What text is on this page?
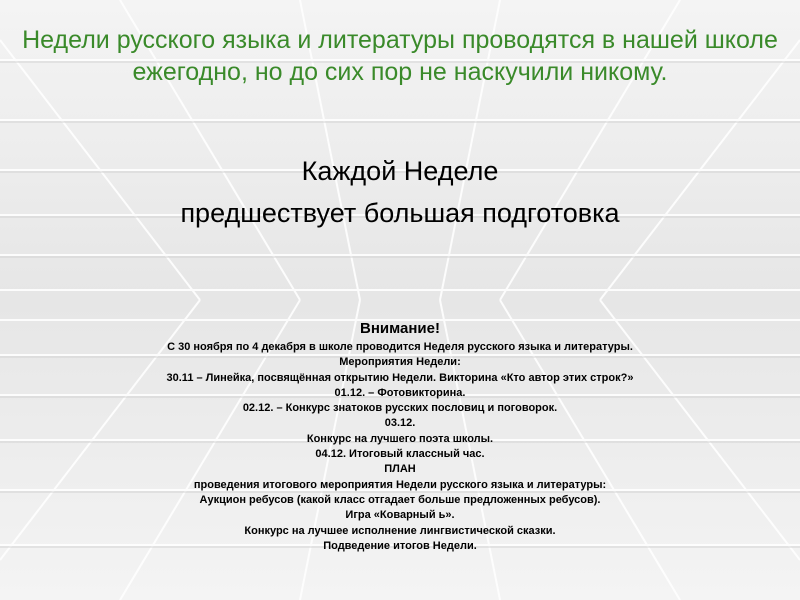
Недели русского языка и литературы проводятся в нашей школе ежегодно, но до сих пор не наскучили никому.
Каждой Неделе
предшествует большая подготовка
Внимание!
С 30 ноября по 4 декабря в школе проводится Неделя русского языка и литературы.
Мероприятия Недели:
30.11 – Линейка, посвящённая открытию Недели. Викторина «Кто автор этих строк?»
01.12. – Фотовикторина.
02.12. – Конкурс знатоков русских пословиц и поговорок.
03.12.
Конкурс на лучшего поэта школы.
04.12. Итоговый классный час.
ПЛАН
проведения итогового мероприятия Недели русского языка и литературы:
Аукцион ребусов (какой класс отгадает больше предложенных ребусов).
Игра «Коварный ь».
Конкурс на лучшее исполнение лингвистической сказки.
Подведение итогов Недели.
